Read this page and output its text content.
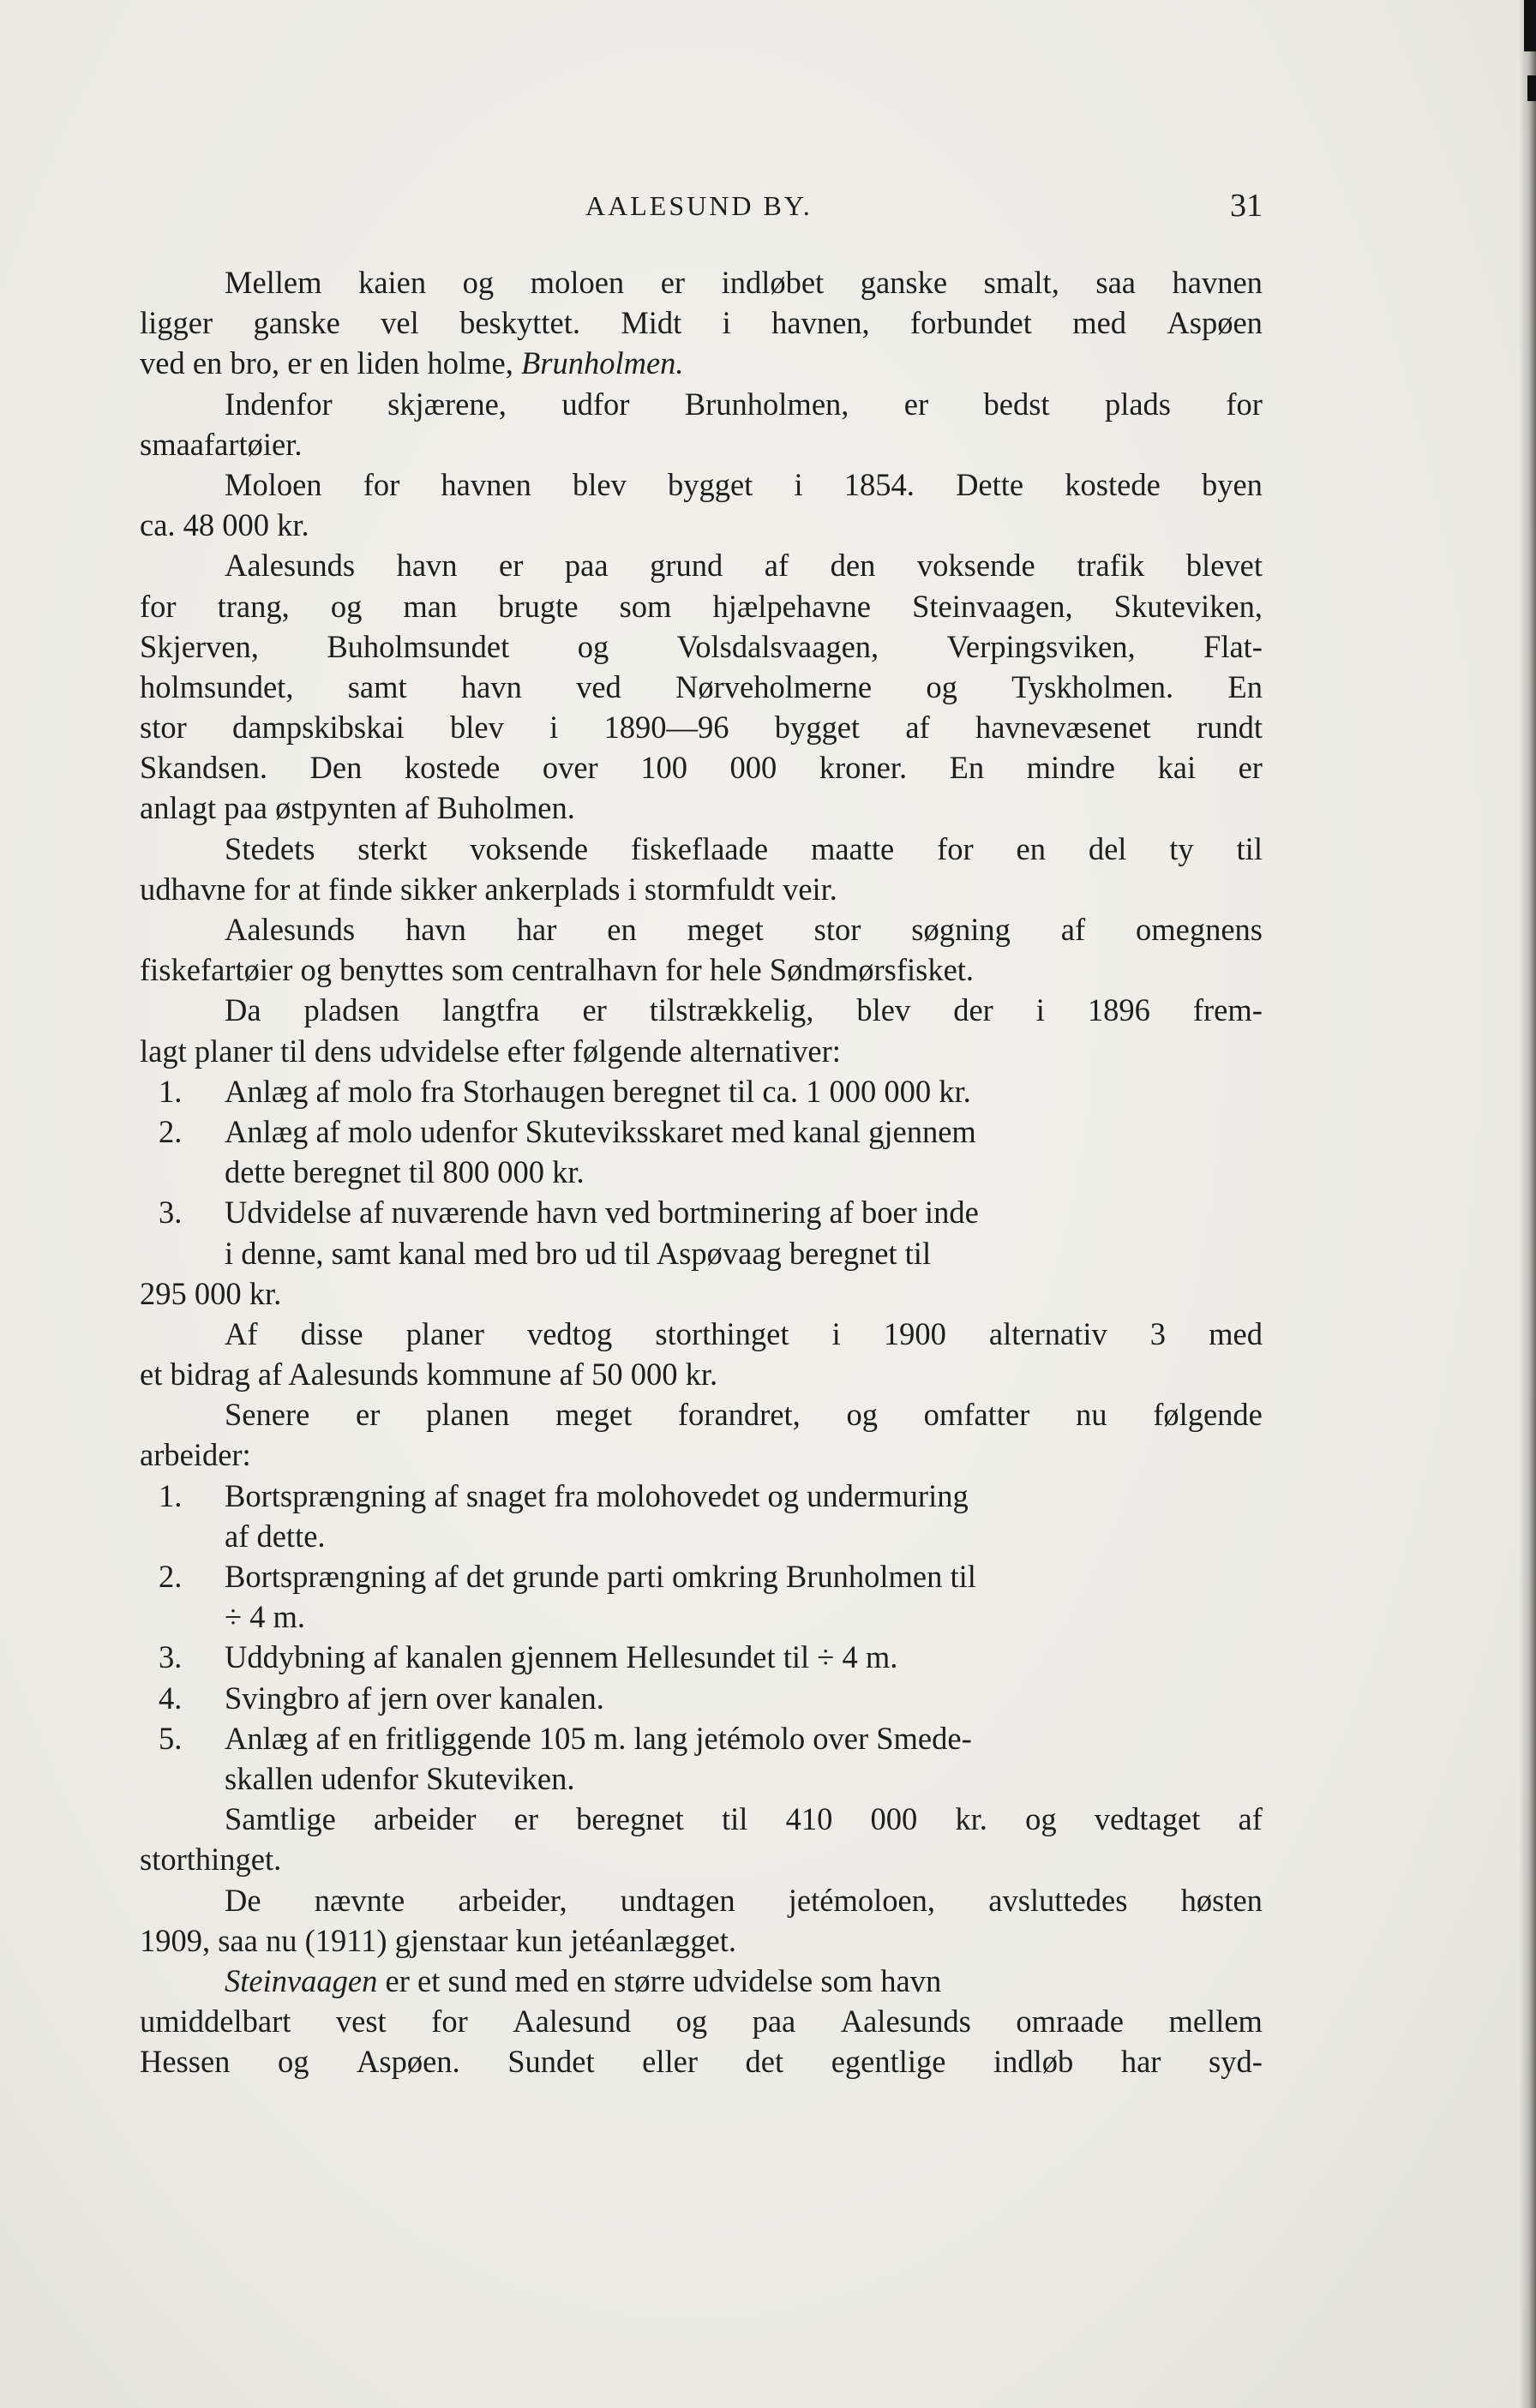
AALESUND BY.	31
Mellem kaien og moloen er indløbet ganske smalt, saa havnen
ligger ganske vel beskyttet. Midt i havnen, forbundet med Aspøen
ved en bro, er en liden holme, Brunholmen.
Indenfor skjærene, udfor Brunholmen, er bedst plads for
smaafartøier.
Moloen for havnen blev bygget i 1854. Dette kostede byen
ca. 48 000 kr.
Aalesunds havn er paa grund af den voksende trafik blevet
for trang, og man brugte som hjælpehavne Steinvaagen, Skuteviken,
Skjerven, Buholmsundet og Volsdalsvaagen, Verpingsviken, Flat-
holmsundet, samt havn ved Nørveholmerne og Tyskholmen. En
stor dampskibskai blev i 1890—96 bygget af havnevæsenet rundt
Skandsen. Den kostede over 100 000 kroner. En mindre kai er
anlagt paa østpynten af Buholmen.
Stedets sterkt voksende fiskeflaade maatte for en del ty til
udhavne for at finde sikker ankerplads i stormfuldt veir.
Aalesunds havn har en meget stor søgning af omegnens
fiskefartøier og benyttes som centralhavn for hele Søndmørsfisket.
Da pladsen langtfra er tilstrækkelig, blev der i 1896 frem-
lagt planer til dens udvidelse efter følgende alternativer:
1. Anlæg af molo fra Storhaugen beregnet til ca. 1 000 000 kr.
2. Anlæg af molo udenfor Skuteviksskaret med kanal gjennem
dette beregnet til 800 000 kr.
3. Udvidelse af nuværende havn ved bortminering af boer inde
i denne, samt kanal med bro ud til Aspøvaag beregnet til
295 000 kr.
Af disse planer vedtog storthinget i 1900 alternativ 3 med
et bidrag af Aalesunds kommune af 50 000 kr.
Senere er planen meget forandret, og omfatter nu følgende
arbeider:
1. Bortsprængning af snaget fra molohovedet og undermuring
af dette.
2. Bortsprængning af det grunde parti omkring Brunholmen til
÷ 4 m.
3. Uddybning af kanalen gjennem Hellesundet til ÷ 4 m.
4. Svingbro af jern over kanalen.
5. Anlæg af en fritliggende 105 m. lang jetémolo over Smede-
skallen udenfor Skuteviken.
Samtlige arbeider er beregnet til 410 000 kr. og vedtaget af
storthinget.
De nævnte arbeider, undtagen jetémoloen, avsluttedes høsten
1909, saa nu (1911) gjenstaar kun jetéanlægget.
Steinvaagen er et sund med en større udvidelse som havn
umiddelbart vest for Aalesund og paa Aalesunds omraade mellem
Hessen og Aspøen. Sundet eller det egentlige indløb har syd-
